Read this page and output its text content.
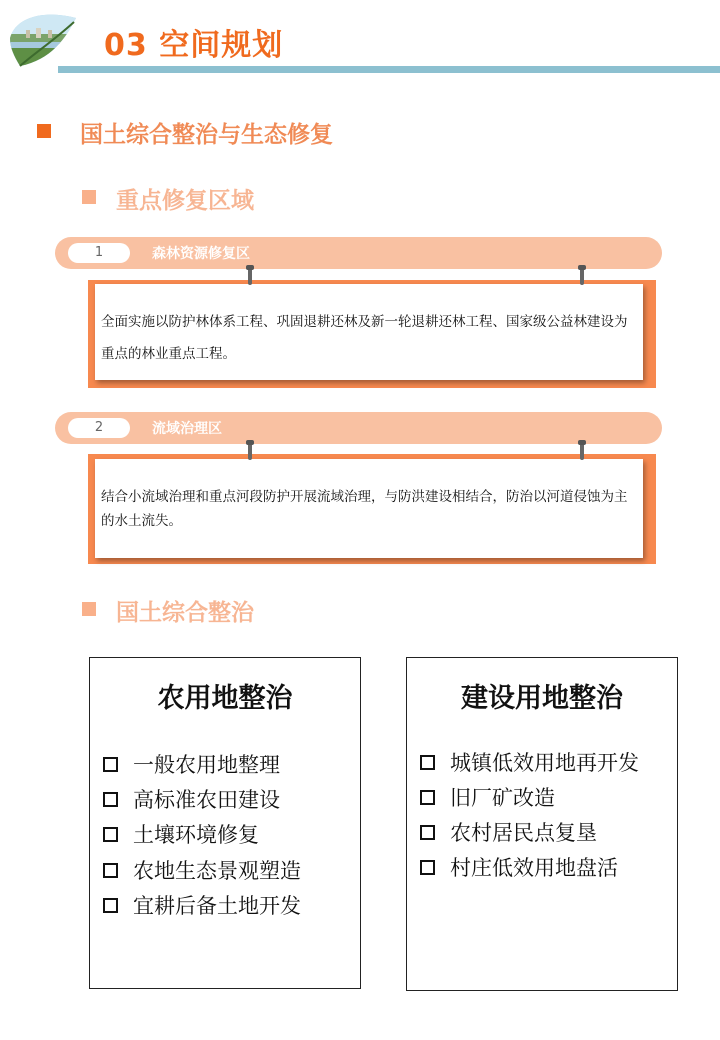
03 空间规划
国土综合整治与生态修复
重点修复区域
1	森林资源修复区
全面实施以防护林体系工程、巩固退耕还林及新一轮退耕还林工程、国家级公益林建设为重点的林业重点工程。
2	流域治理区
结合小流域治理和重点河段防护开展流域治理，与防洪建设相结合，防治以河道侵蚀为主的水土流失。
国土综合整治
农用地整治
一般农用地整理
高标准农田建设
土壤环境修复
农地生态景观塑造
宜耕后备土地开发
建设用地整治
城镇低效用地再开发
旧厂矿改造
农村居民点复垦
村庄低效用地盘活
